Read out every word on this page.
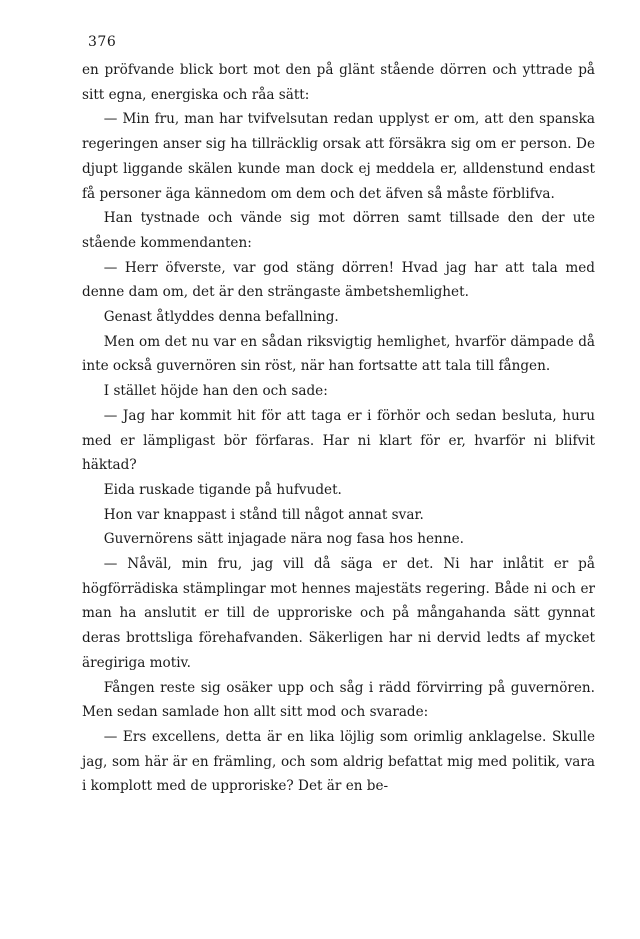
376

en pröfvande blick bort mot den på glänt stående dörren och yttrade på sitt egna, energiska och råa sätt:

— Min fru, man har tvifvelsutan redan upplyst er om, att den spanska regeringen anser sig ha tillräcklig orsak att försäkra sig om er person. De djupt liggande skälen kunde man dock ej meddela er, alldenstund endast få personer äga kännedom om dem och det äfven så måste förblifva.

Han tystnade och vände sig mot dörren samt tillsade den der ute stående kommendanten:

— Herr öfverste, var god stäng dörren! Hvad jag har att tala med denne dam om, det är den strängaste ämbetshemlighet.

Genast åtlyddes denna befallning.

Men om det nu var en sådan riksvigtig hemlighet, hvarför dämpade då inte också guvernören sin röst, när han fortsatte att tala till fången.

I stället höjde han den och sade:

— Jag har kommit hit för att taga er i förhör och sedan besluta, huru med er lämpligast bör förfaras. Har ni klart för er, hvarför ni blifvit häktad?

Eida ruskade tigande på hufvudet.

Hon var knappast i stånd till något annat svar.

Guvernörens sätt injagade nära nog fasa hos henne.

— Nåväl, min fru, jag vill då säga er det. Ni har inlåtit er på högförrädiska stämplingar mot hennes majestäts regering. Både ni och er man ha anslutit er till de upproriske och på mångahanda sätt gynnat deras brottsliga förehafvanden. Säkerligen har ni dervid ledts af mycket äregiriga motiv.

Fången reste sig osäker upp och såg i rädd förvirring på guvernören. Men sedan samlade hon allt sitt mod och svarade:

— Ers excellens, detta är en lika löjlig som orimlig anklagelse. Skulle jag, som här är en främling, och som aldrig befattat mig med politik, vara i komplott med de upproriske? Det är en be-
